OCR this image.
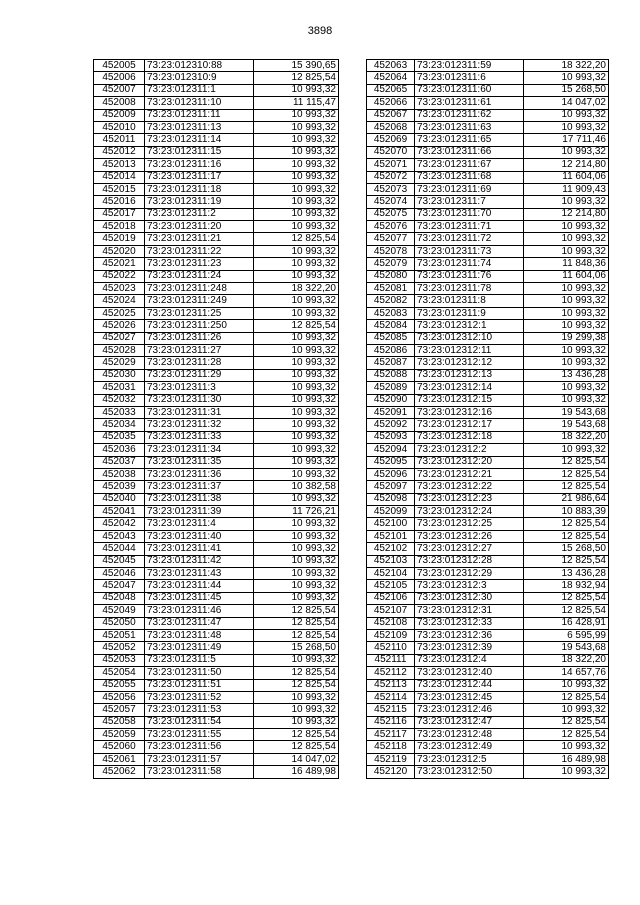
3898
452005	73:23:012310:88	15 390,65
452006	73:23:012310:9	12 825,54
452007	73:23:012311:1	10 993,32
452008	73:23:012311:10	11 115,47
452009	73:23:012311:11	10 993,32
452010	73:23:012311:13	10 993,32
452011	73:23:012311:14	10 993,32
452012	73:23:012311:15	10 993,32
452013	73:23:012311:16	10 993,32
452014	73:23:012311:17	10 993,32
452015	73:23:012311:18	10 993,32
452016	73:23:012311:19	10 993,32
452017	73:23:012311:2	10 993,32
452018	73:23:012311:20	10 993,32
452019	73:23:012311:21	12 825,54
452020	73:23:012311:22	10 993,32
452021	73:23:012311:23	10 993,32
452022	73:23:012311:24	10 993,32
452023	73:23:012311:248	18 322,20
452024	73:23:012311:249	10 993,32
452025	73:23:012311:25	10 993,32
452026	73:23:012311:250	12 825,54
452027	73:23:012311:26	10 993,32
452028	73:23:012311:27	10 993,32
452029	73:23:012311:28	10 993,32
452030	73:23:012311:29	10 993,32
452031	73:23:012311:3	10 993,32
452032	73:23:012311:30	10 993,32
452033	73:23:012311:31	10 993,32
452034	73:23:012311:32	10 993,32
452035	73:23:012311:33	10 993,32
452036	73:23:012311:34	10 993,32
452037	73:23:012311:35	10 993,32
452038	73:23:012311:36	10 993,32
452039	73:23:012311:37	10 382,58
452040	73:23:012311:38	10 993,32
452041	73:23:012311:39	11 726,21
452042	73:23:012311:4	10 993,32
452043	73:23:012311:40	10 993,32
452044	73:23:012311:41	10 993,32
452045	73:23:012311:42	10 993,32
452046	73:23:012311:43	10 993,32
452047	73:23:012311:44	10 993,32
452048	73:23:012311:45	10 993,32
452049	73:23:012311:46	12 825,54
452050	73:23:012311:47	12 825,54
452051	73:23:012311:48	12 825,54
452052	73:23:012311:49	15 268,50
452053	73:23:012311:5	10 993,32
452054	73:23:012311:50	12 825,54
452055	73:23:012311:51	12 825,54
452056	73:23:012311:52	10 993,32
452057	73:23:012311:53	10 993,32
452058	73:23:012311:54	10 993,32
452059	73:23:012311:55	12 825,54
452060	73:23:012311:56	12 825,54
452061	73:23:012311:57	14 047,02
452062	73:23:012311:58	16 489,98
452063	73:23:012311:59	18 322,20
452064	73:23:012311:6	10 993,32
452065	73:23:012311:60	15 268,50
452066	73:23:012311:61	14 047,02
452067	73:23:012311:62	10 993,32
452068	73:23:012311:63	10 993,32
452069	73:23:012311:65	17 711,46
452070	73:23:012311:66	10 993,32
452071	73:23:012311:67	12 214,80
452072	73:23:012311:68	11 604,06
452073	73:23:012311:69	11 909,43
452074	73:23:012311:7	10 993,32
452075	73:23:012311:70	12 214,80
452076	73:23:012311:71	10 993,32
452077	73:23:012311:72	10 993,32
452078	73:23:012311:73	10 993,32
452079	73:23:012311:74	11 848,36
452080	73:23:012311:76	11 604,06
452081	73:23:012311:78	10 993,32
452082	73:23:012311:8	10 993,32
452083	73:23:012311:9	10 993,32
452084	73:23:012312:1	10 993,32
452085	73:23:012312:10	19 299,38
452086	73:23:012312:11	10 993,32
452087	73:23:012312:12	10 993,32
452088	73:23:012312:13	13 436,28
452089	73:23:012312:14	10 993,32
452090	73:23:012312:15	10 993,32
452091	73:23:012312:16	19 543,68
452092	73:23:012312:17	19 543,68
452093	73:23:012312:18	18 322,20
452094	73:23:012312:2	10 993,32
452095	73:23:012312:20	12 825,54
452096	73:23:012312:21	12 825,54
452097	73:23:012312:22	12 825,54
452098	73:23:012312:23	21 986,64
452099	73:23:012312:24	10 883,39
452100	73:23:012312:25	12 825,54
452101	73:23:012312:26	12 825,54
452102	73:23:012312:27	15 268,50
452103	73:23:012312:28	12 825,54
452104	73:23:012312:29	13 436,28
452105	73:23:012312:3	18 932,94
452106	73:23:012312:30	12 825,54
452107	73:23:012312:31	12 825,54
452108	73:23:012312:33	16 428,91
452109	73:23:012312:36	6 595,99
452110	73:23:012312:39	19 543,68
452111	73:23:012312:4	18 322,20
452112	73:23:012312:40	14 657,76
452113	73:23:012312:44	10 993,32
452114	73:23:012312:45	12 825,54
452115	73:23:012312:46	10 993,32
452116	73:23:012312:47	12 825,54
452117	73:23:012312:48	12 825,54
452118	73:23:012312:49	10 993,32
452119	73:23:012312:5	16 489,98
452120	73:23:012312:50	10 993,32
